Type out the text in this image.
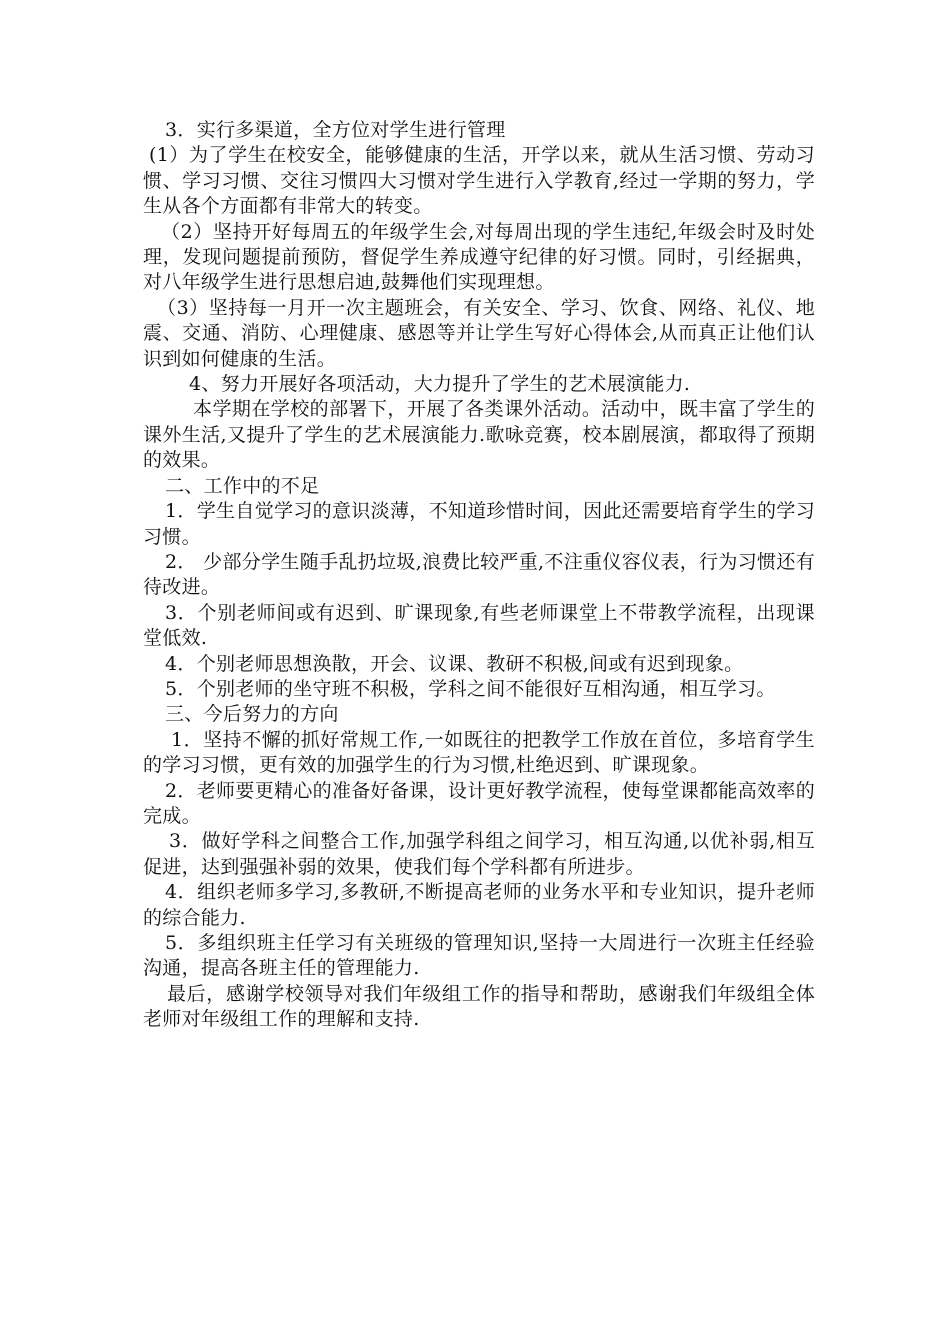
3．实行多渠道，全方位对学生进行管理

(1）为了学生在校安全，能够健康的生活，开学以来，就从生活习惯、劳动习惯、学习习惯、交往习惯四大习惯对学生进行入学教育,经过一学期的努力，学生从各个方面都有非常大的转变。

（2）坚持开好每周五的年级学生会,对每周出现的学生违纪,年级会时及时处理，发现问题提前预防，督促学生养成遵守纪律的好习惯。同时，引经据典，对八年级学生进行思想启迪,鼓舞他们实现理想。

（3）坚持每一月开一次主题班会，有关安全、学习、饮食、网络、礼仪、地震、交通、消防、心理健康、感恩等并让学生写好心得体会,从而真正让他们认识到如何健康的生活。

4、努力开展好各项活动，大力提升了学生的艺术展演能力.

本学期在学校的部署下，开展了各类课外活动。活动中，既丰富了学生的课外生活,又提升了学生的艺术展演能力.歌咏竞赛，校本剧展演，都取得了预期的效果。

二、工作中的不足

1．学生自觉学习的意识淡薄，不知道珍惜时间，因此还需要培育学生的学习习惯。

2． 少部分学生随手乱扔垃圾,浪费比较严重,不注重仪容仪表，行为习惯还有待改进。

3．个别老师间或有迟到、旷课现象,有些老师课堂上不带教学流程，出现课堂低效.

4．个别老师思想涣散，开会、议课、教研不积极,间或有迟到现象。

5．个别老师的坐守班不积极，学科之间不能很好互相沟通，相互学习。

三、今后努力的方向

1．坚持不懈的抓好常规工作,一如既往的把教学工作放在首位，多培育学生的学习习惯，更有效的加强学生的行为习惯,杜绝迟到、旷课现象。

2．老师要更精心的准备好备课，设计更好教学流程，使每堂课都能高效率的完成。

3．做好学科之间整合工作,加强学科组之间学习，相互沟通,以优补弱,相互促进，达到强强补弱的效果，使我们每个学科都有所进步。

4．组织老师多学习,多教研,不断提高老师的业务水平和专业知识，提升老师的综合能力.

5．多组织班主任学习有关班级的管理知识,坚持一大周进行一次班主任经验沟通，提高各班主任的管理能力.

最后，感谢学校领导对我们年级组工作的指导和帮助，感谢我们年级组全体老师对年级组工作的理解和支持.
